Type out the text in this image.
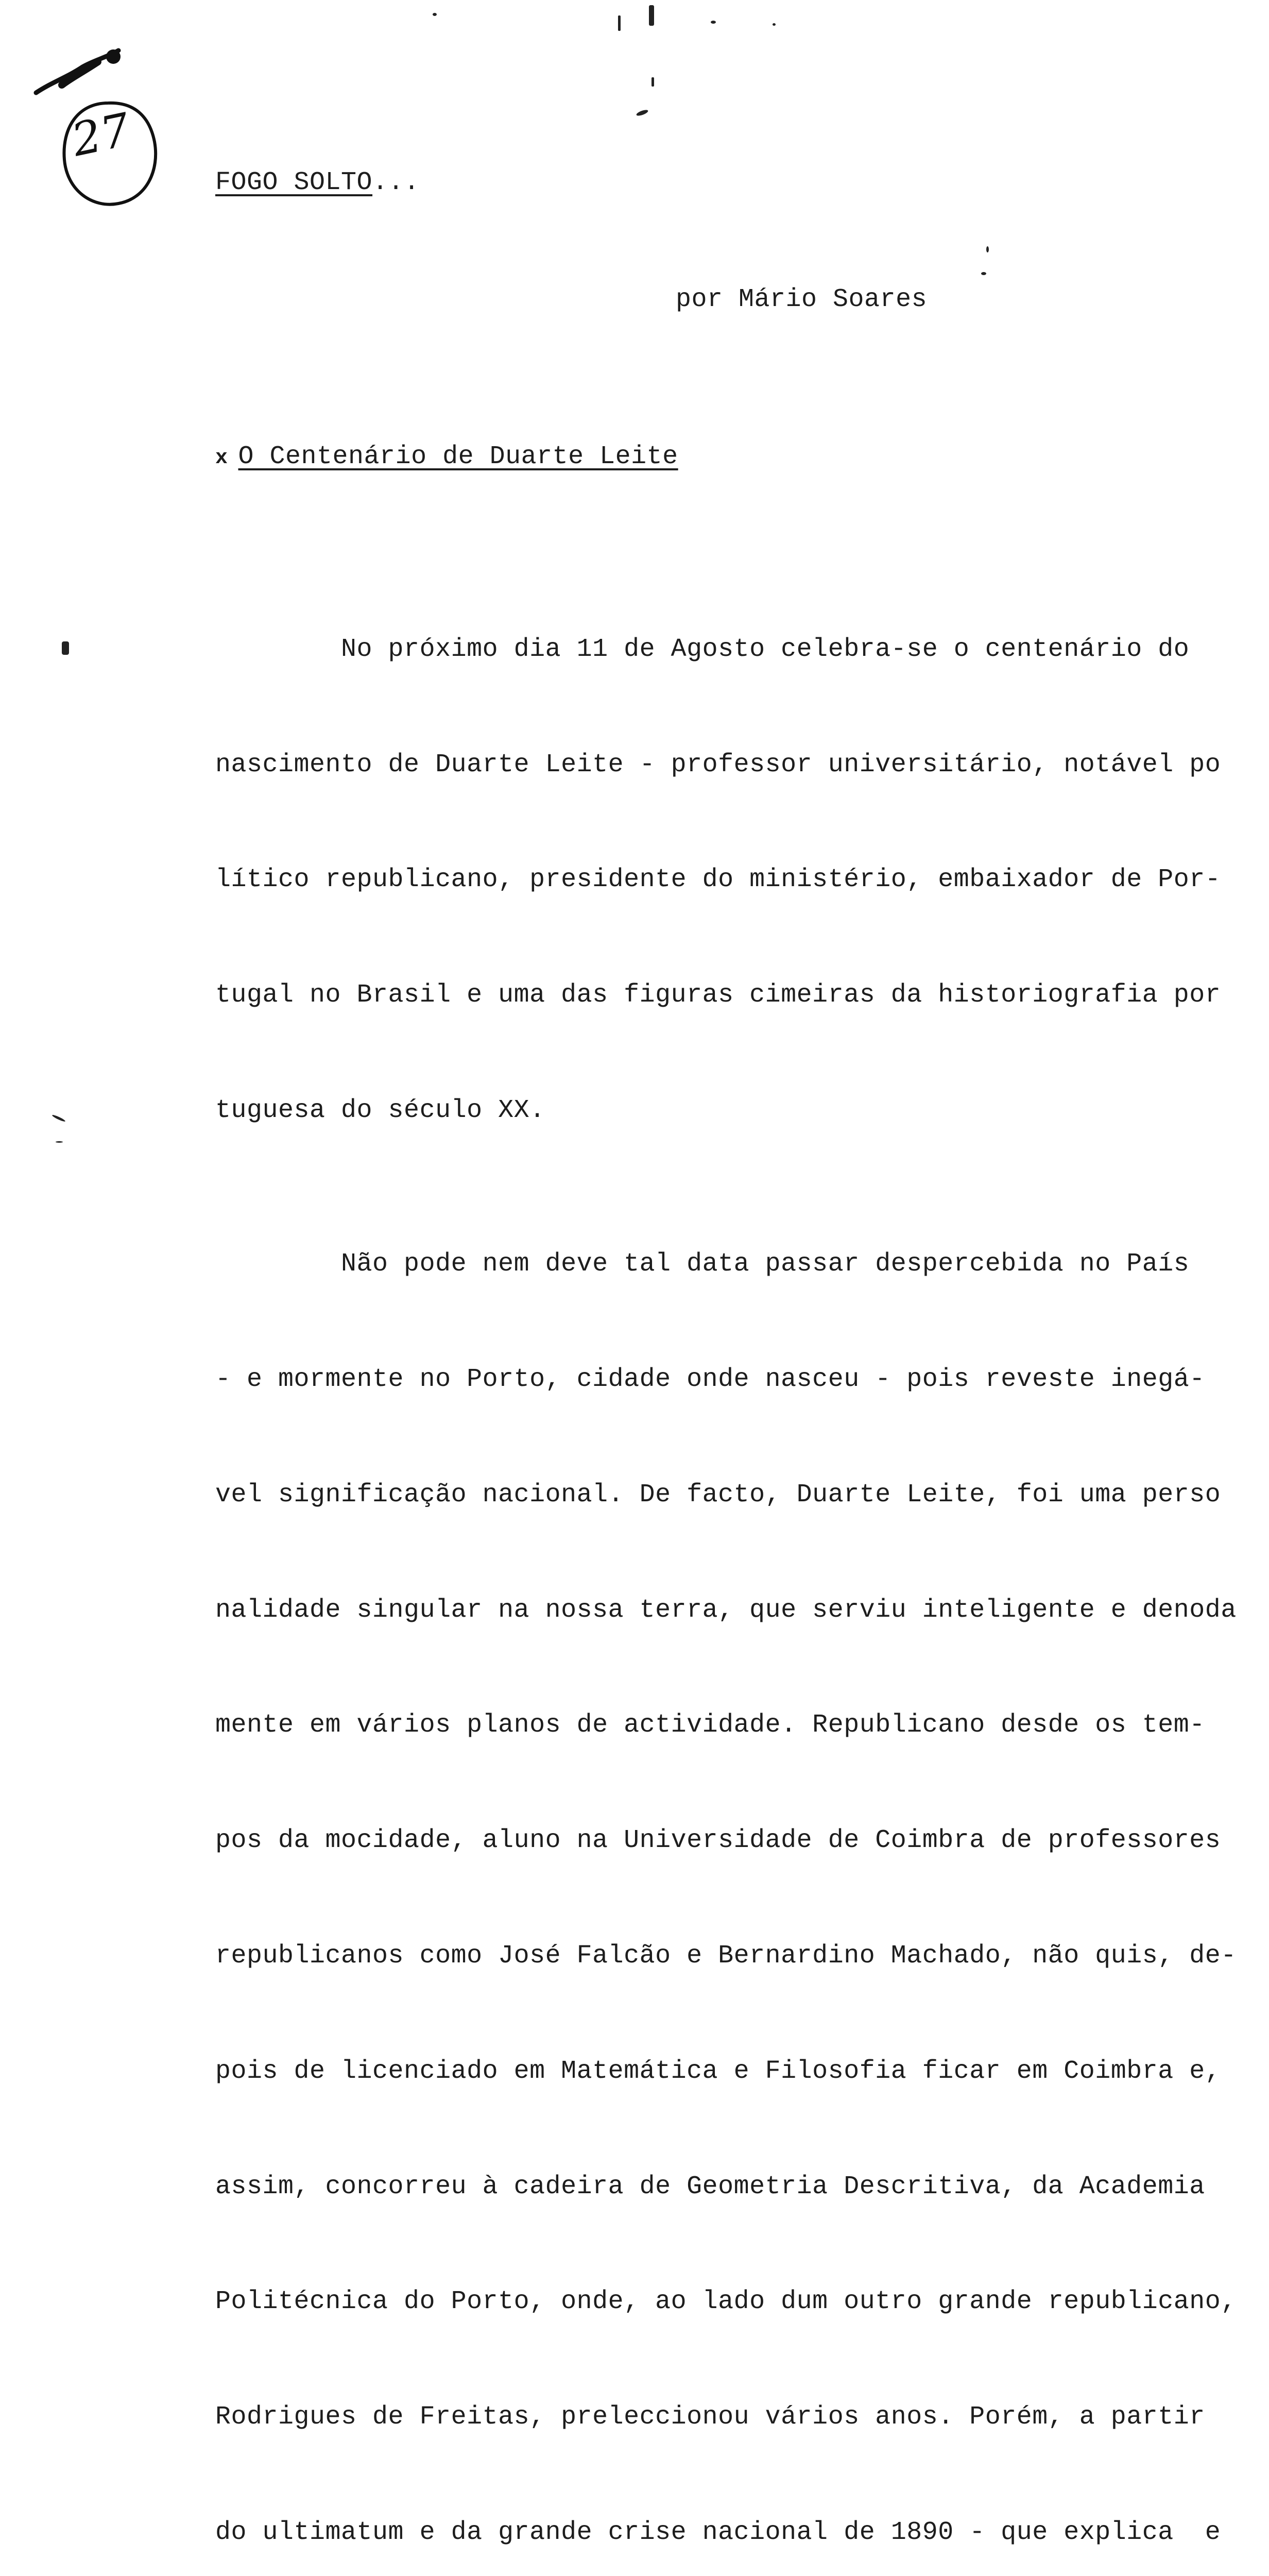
27
FOGO SOLTO...
por Mário Soares
x O Centenário de Duarte Leite

No próximo dia 11 de Agosto celebra-se o centenário do

nascimento de Duarte Leite - professor universitário, notável po

lítico republicano, presidente do ministério, embaixador de Por-

tugal no Brasil e uma das figuras cimeiras da historiografia por

tuguesa do século XX.

Não pode nem deve tal data passar despercebida no País

- e mormente no Porto, cidade onde nasceu - pois reveste inegá-

vel significação nacional. De facto, Duarte Leite, foi uma perso

nalidade singular na nossa terra, que serviu inteligente e denoda

mente em vários planos de actividade. Republicano desde os tem-

pos da mocidade, aluno na Universidade de Coimbra de professores

republicanos como José Falcão e Bernardino Machado, não quis, de-

pois de licenciado em Matemática e Filosofia ficar em Coimbra e,

assim, concorreu à cadeira de Geometria Descritiva, da Academia

Politécnica do Porto, onde, ao lado dum outro grande republicano,

Rodrigues de Freitas, preleccionou vários anos. Porém, a partir

do ultimatum e da grande crise nacional de 1890 - que explica  e
